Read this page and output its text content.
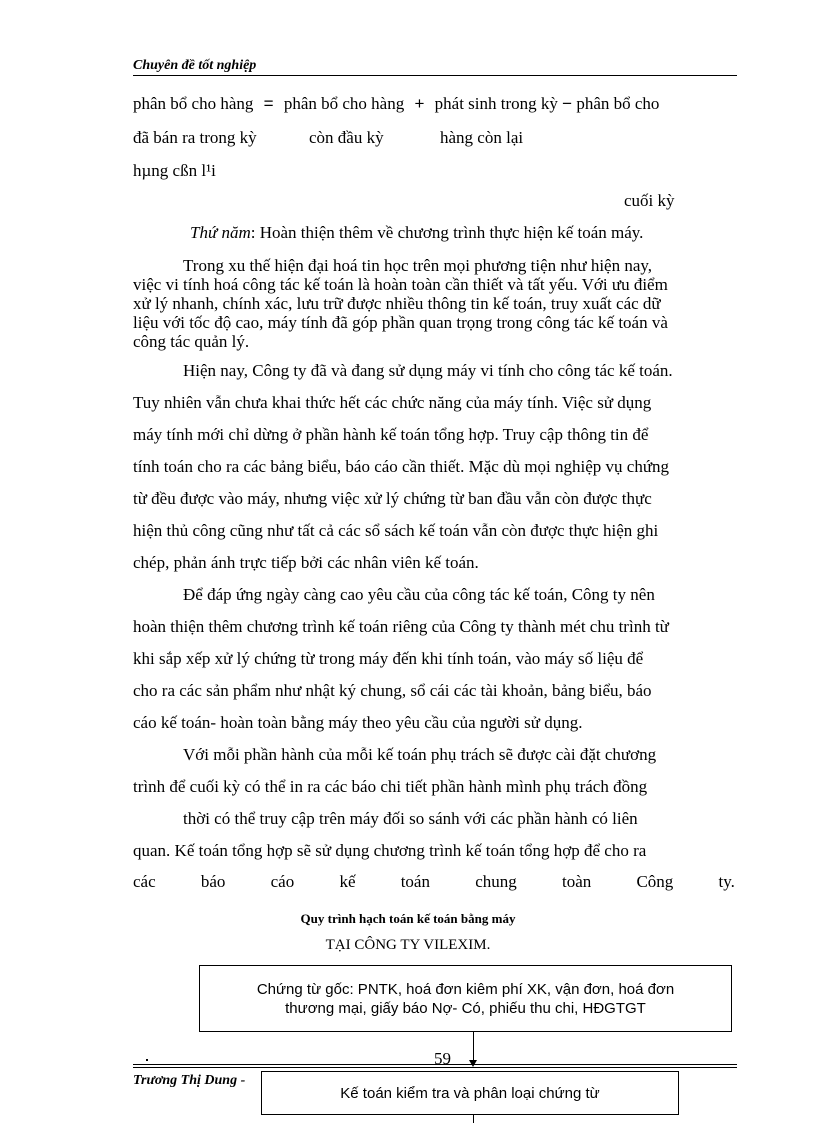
Chuyên đề tốt nghiệp
phân bổ cho hàng = phân bổ cho hàng + phát sinh trong kỳ − phân bổ cho
đã bán ra trong kỳ	còn đầu kỳ	hàng còn lại
hµng cßn l¹i
cuối kỳ
Thứ năm: Hoàn thiện thêm về chương trình thực hiện kế toán máy.
Trong xu thế hiện đại hoá tin học trên mọi phương tiện như hiện nay,
việc vi tính hoá công tác kế toán là hoàn toàn cần thiết và tất yếu. Với ưu điểm
xử lý nhanh, chính xác, lưu trữ được nhiều thông tin kế toán, truy xuất các dữ
liệu với tốc độ cao, máy tính đã góp phần quan trọng trong công tác kế toán và
công tác quản lý.
Hiện nay, Công ty đã và đang sử dụng máy vi tính cho công tác kế toán.
Tuy nhiên vẫn chưa khai thức hết các chức năng của máy tính. Việc sử dụng
máy tính mới chỉ dừng ở phần hành kế toán tổng hợp. Truy cập thông tin để
tính toán cho ra các bảng biểu, báo cáo cần thiết. Mặc dù mọi nghiệp vụ chứng
từ đều được vào máy, nhưng việc xử lý chứng từ ban đầu vẫn còn được thực
hiện thủ công cũng như tất cả các sổ sách kế toán vẫn còn được thực hiện ghi
chép, phản ánh trực tiếp bởi các nhân viên kế toán.
Để đáp ứng ngày càng cao yêu cầu của công tác kế toán, Công ty nên
hoàn thiện thêm chương trình kế toán riêng của Công ty thành mét chu trình từ
khi sắp xếp xử lý chứng từ trong máy đến khi tính toán, vào máy số liệu để
cho ra các sản phẩm như nhật ký chung, sổ cái các tài khoản, bảng biểu, báo
cáo kế toán- hoàn toàn bằng máy theo yêu cầu của người sử dụng.
Với mỗi phần hành của mỗi kế toán phụ trách sẽ được cài đặt chương
trình để cuối kỳ có thể in ra các báo chi tiết phần hành mình phụ trách đồng
thời có thể truy cập trên máy đối so sánh với các phần hành có liên
quan. Kế toán tổng hợp sẽ sử dụng chương trình kế toán tổng hợp để cho ra
các	báo	cáo	kế	toán	chung	toàn	Công	ty.
Quy trình hạch toán kế toán bằng máy
TẠI CÔNG TY VILEXIM.
Chứng từ gốc: PNTK, hoá đơn kiêm phí XK, vận đơn, hoá đơn
thương mại, giấy báo Nợ- Có, phiếu thu chi, HĐGTGT
59
Trương Thị Dung -
Kế toán kiểm tra và phân loại chứng từ
